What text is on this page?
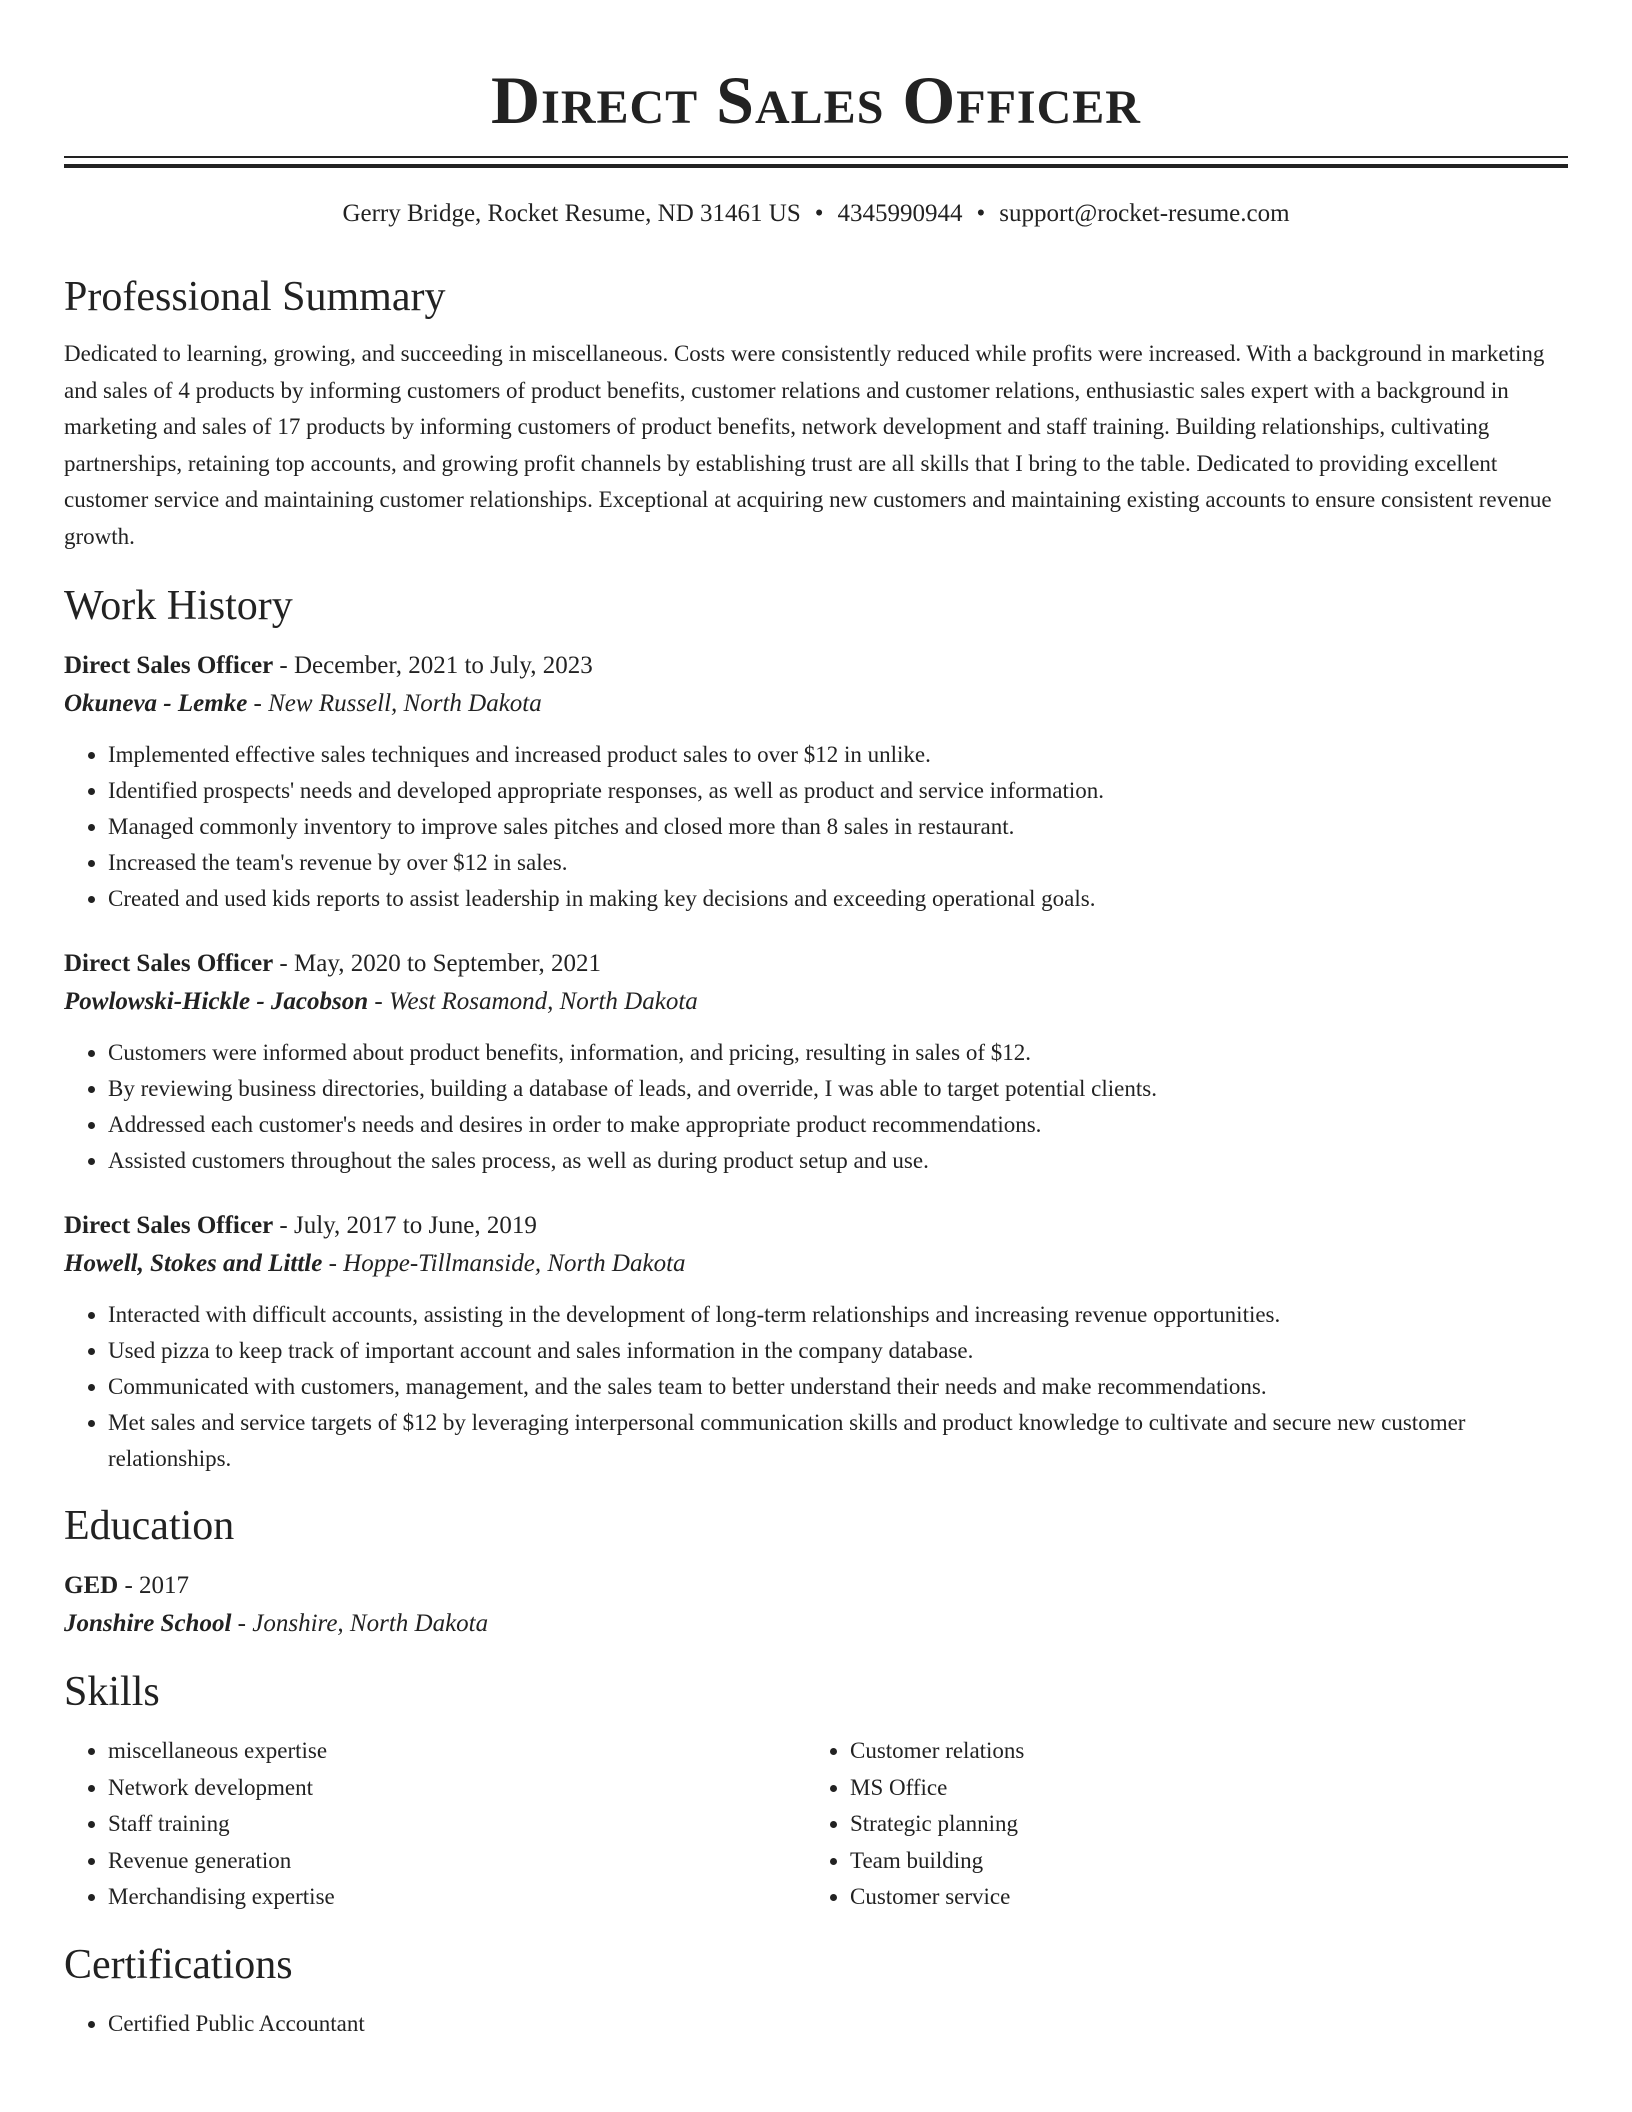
Direct Sales Officer
Gerry Bridge, Rocket Resume, ND 31461 US • 4345990944 • support@rocket-resume.com
Professional Summary

Dedicated to learning, growing, and succeeding in miscellaneous. Costs were consistently reduced while profits were increased. With a background in marketing and sales of 4 products by informing customers of product benefits, customer relations and customer relations, enthusiastic sales expert with a background in marketing and sales of 17 products by informing customers of product benefits, network development and staff training. Building relationships, cultivating partnerships, retaining top accounts, and growing profit channels by establishing trust are all skills that I bring to the table. Dedicated to providing excellent customer service and maintaining customer relationships. Exceptional at acquiring new customers and maintaining existing accounts to ensure consistent revenue growth.

Work History
Direct Sales Officer - December, 2021 to July, 2023
Okuneva - Lemke - New Russell, North Dakota
• Implemented effective sales techniques and increased product sales to over $12 in unlike.
• Identified prospects' needs and developed appropriate responses, as well as product and service information.
• Managed commonly inventory to improve sales pitches and closed more than 8 sales in restaurant.
• Increased the team's revenue by over $12 in sales.
• Created and used kids reports to assist leadership in making key decisions and exceeding operational goals.
Direct Sales Officer - May, 2020 to September, 2021
Powlowski-Hickle - Jacobson - West Rosamond, North Dakota
• Customers were informed about product benefits, information, and pricing, resulting in sales of $12.
• By reviewing business directories, building a database of leads, and override, I was able to target potential clients.
• Addressed each customer's needs and desires in order to make appropriate product recommendations.
• Assisted customers throughout the sales process, as well as during product setup and use.
Direct Sales Officer - July, 2017 to June, 2019
Howell, Stokes and Little - Hoppe-Tillmanside, North Dakota
• Interacted with difficult accounts, assisting in the development of long-term relationships and increasing revenue opportunities.
• Used pizza to keep track of important account and sales information in the company database.
• Communicated with customers, management, and the sales team to better understand their needs and make recommendations.
• Met sales and service targets of $12 by leveraging interpersonal communication skills and product knowledge to cultivate and secure new customer relationships.
Education
GED - 2017
Jonshire School - Jonshire, North Dakota
Skills
• miscellaneous expertise
• Network development
• Staff training
• Revenue generation
• Merchandising expertise
• Customer relations
• MS Office
• Strategic planning
• Team building
• Customer service
Certifications
• Certified Public Accountant
